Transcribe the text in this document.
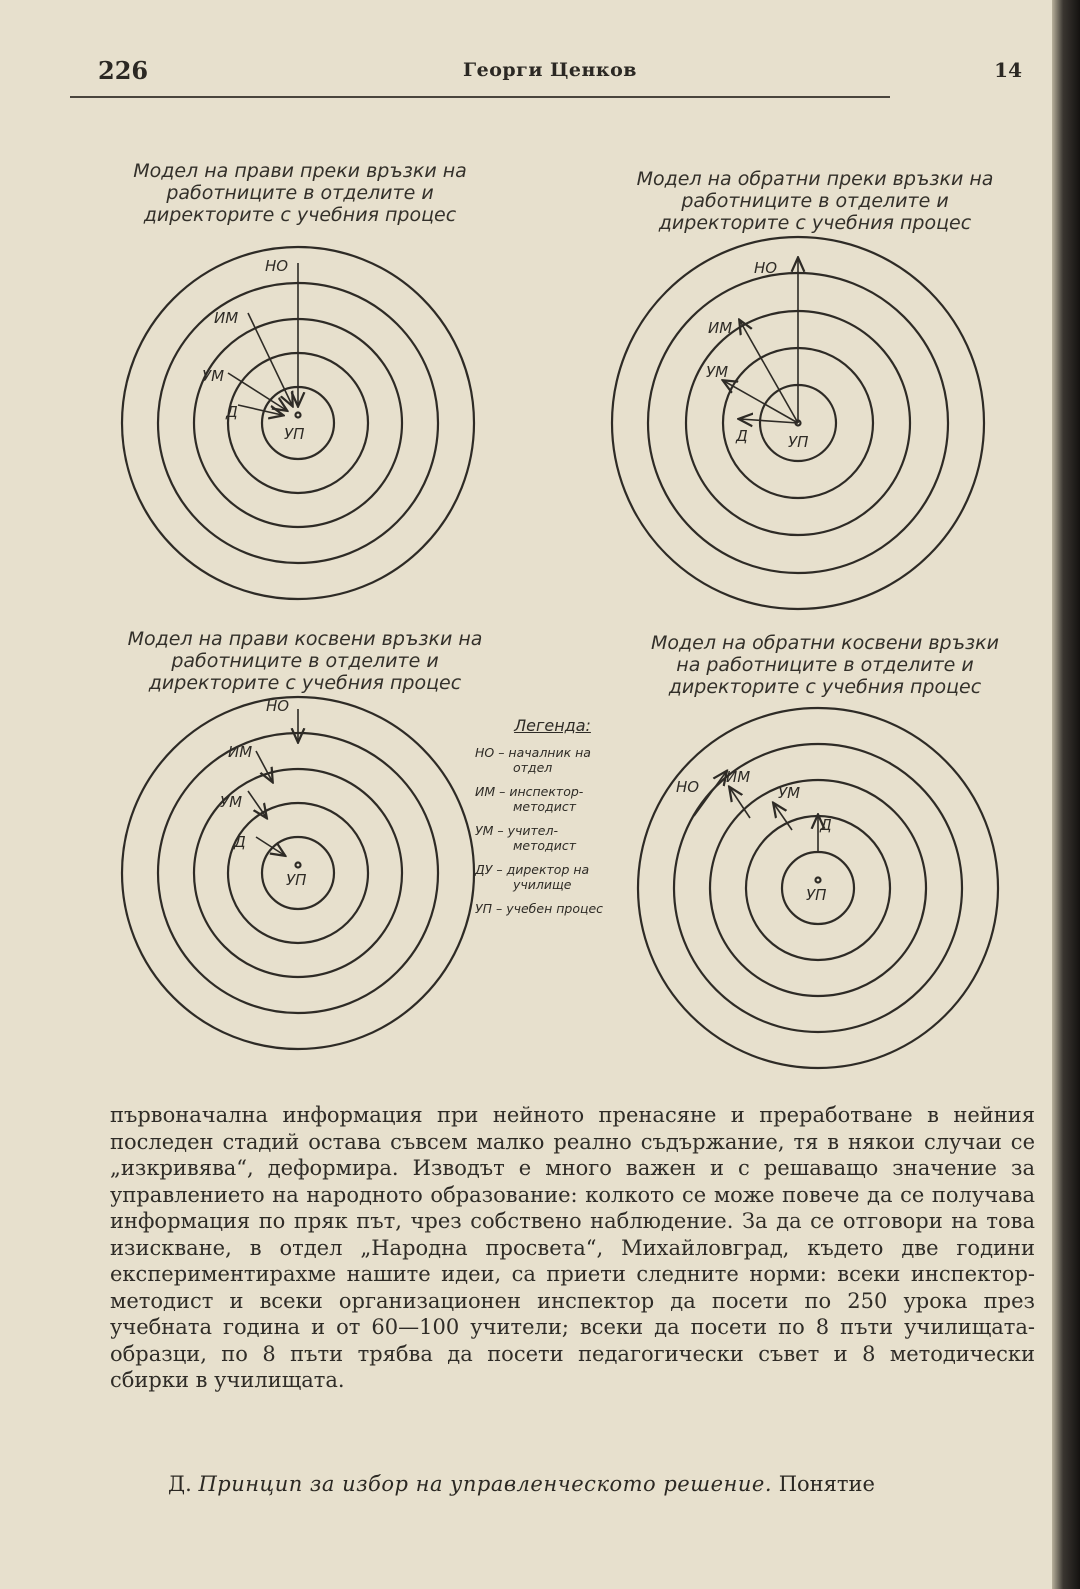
226	Георги Ценков	14
Модел на прави преки връзки на работниците в отделите и директорите с учебния процес
Модел на обратни преки връзки на работниците в отделите и директорите с учебния процес
Модел на прави косвени връзки на работниците в отделите и директорите с учебния процес
Модел на обратни косвени връзки на работниците в отделите и директорите с учебния процес
НО
ИМ
УМ
Д
УП
НО
ИМ
УМ
Д	УП
НО
ИМ
УМ
Д
УП
Легенда:
НО – началник на
отдел
ИМ – инспектор-
методист
УМ – учител-
методист
ДУ – директор на
училище
УП – учебен процес
НО
ИМ
УМ
Д
УП

първоначална информация при нейното пренасяне и преработване в нейния последен стадий остава съвсем малко реално съдържание, тя в някои случаи се „изкривява“, деформира. Изводът е много важен и с решаващо значение за управлението на народното образование: колкото се може повече да се получава информация по пряк път, чрез собствено наблюдение. За да се отговори на това изискване, в отдел „Народна просвета“, Михайловград, където две години експериментирахме нашите идеи, са приети следните норми: всеки инспектор-методист и всеки организационен инспектор да посети по 250 урока през учебната година и от 60—100 учители; всеки да посети по 8 пъти училищата-образци, по 8 пъти трябва да посети педагогически съвет и 8 методически сбирки в училищата.

Д. Принцип за избор на управленческото решение. Понятие
